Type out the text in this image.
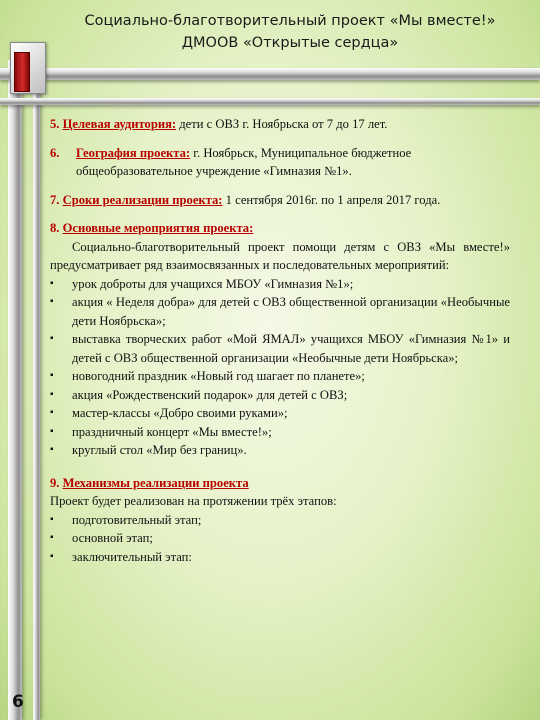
Социально-благотворительный проект «Мы вместе!»
ДМООВ «Открытые сердца»
5. Целевая аудитория: дети с ОВЗ г. Ноябрьска от 7 до 17 лет.
6.	География проекта: г. Ноябрьск, Муниципальное бюджетное общеобразовательное учреждение «Гимназия №1».
7. Сроки реализации проекта: 1 сентября 2016г. по 1 апреля 2017 года.
8. Основные мероприятия проекта:
Социально-благотворительный проект помощи детям с ОВЗ «Мы вместе!» предусматривает ряд взаимосвязанных и последовательных мероприятий:
▪ урок доброты для учащихся МБОУ «Гимназия №1»;
▪ акция « Неделя добра» для детей с ОВЗ общественной организации «Необычные дети Ноябрьска»;
▪ выставка творческих работ «Мой ЯМАЛ» учащихся МБОУ «Гимназия №1» и детей с ОВЗ общественной организации «Необычные дети Ноябрьска»;
▪ новогодний праздник «Новый год шагает по планете»;
▪ акция «Рождественский подарок» для детей с ОВЗ;
▪ мастер-классы «Добро своими руками»;
▪ праздничный концерт «Мы вместе!»;
▪ круглый стол «Мир без границ».
9. Механизмы реализации проекта
Проект будет реализован на протяжении трёх этапов:
▪ подготовительный этап;
▪ основной этап;
▪ заключительный этап:
6
